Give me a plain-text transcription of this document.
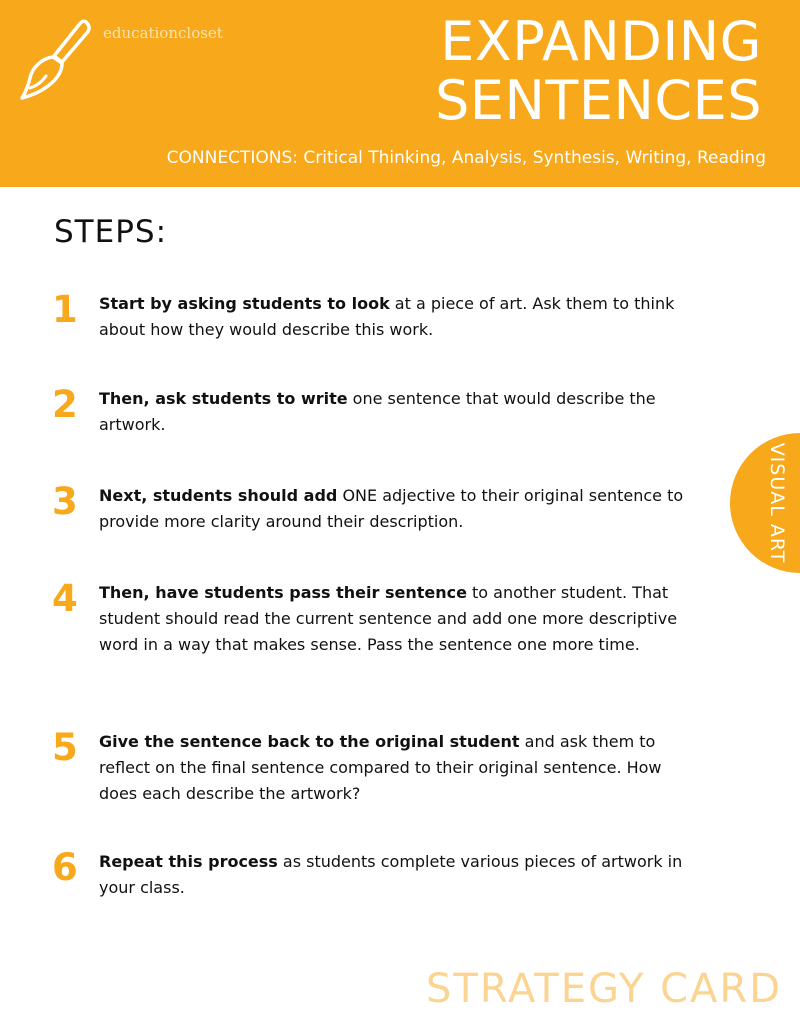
educationcloset	EXPANDING
SENTENCES
CONNECTIONS: Critical Thinking, Analysis, Synthesis, Writing, Reading
STEPS:
1	Start by asking students to look at a piece of art. Ask them to think about how they would describe this work.
2	Then, ask students to write one sentence that would describe the artwork.
3	Next, students should add ONE adjective to their original sentence to provide more clarity around their description.
4	Then, have students pass their sentence to another student. That student should read the current sentence and add one more descriptive word in a way that makes sense. Pass the sentence one more time.
5	Give the sentence back to the original student and ask them to reflect on the final sentence compared to their original sentence. How does each describe the artwork?
6	Repeat this process as students complete various pieces of artwork in your class.
VISUAL ART
STRATEGY CARD
